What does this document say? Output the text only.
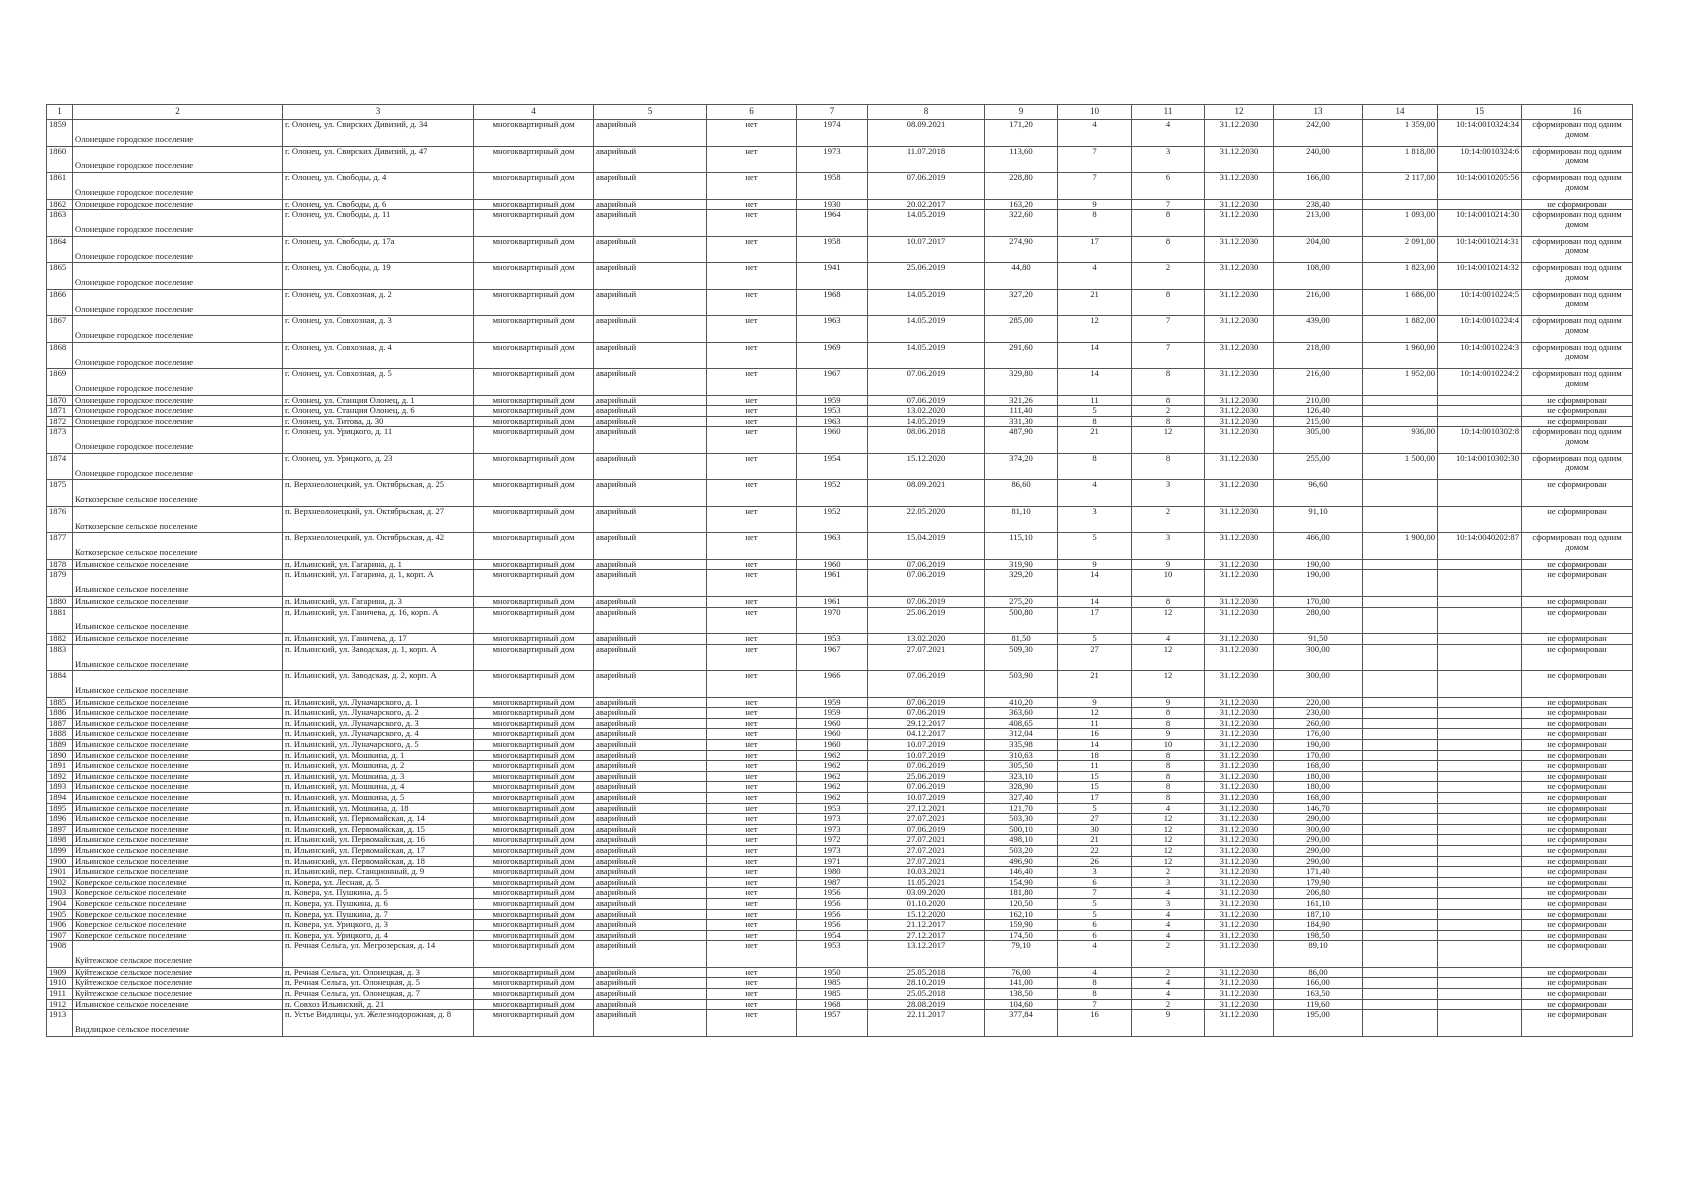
1	2	3	4	5	6	7	8	9	10	11	12	13	14	15	16
1859	Олонецкое городское поселение	г. Олонец, ул. Свирских Дивизий, д. 34	многоквартирный дом	аварийный	нет	1974	08.09.2021	171,20	4	4	31.12.2030	242,00	1 359,00	10:14:0010324:34	сформирован под одним домом
1860	Олонецкое городское поселение	г. Олонец, ул. Свирских Дивизий, д. 47	многоквартирный дом	аварийный	нет	1973	11.07.2018	113,60	7	3	31.12.2030	240,00	1 818,00	10:14:0010324:6	сформирован под одним домом
1861	Олонецкое городское поселение	г. Олонец, ул. Свободы, д. 4	многоквартирный дом	аварийный	нет	1958	07.06.2019	228,80	7	6	31.12.2030	166,00	2 117,00	10:14:0010205:56	сформирован под одним домом
1862	Олонецкое городское поселение	г. Олонец, ул. Свободы, д. 6	многоквартирный дом	аварийный	нет	1930	20.02.2017	163,20	9	7	31.12.2030	238,40			не сформирован
1863	Олонецкое городское поселение	г. Олонец, ул. Свободы, д. 11	многоквартирный дом	аварийный	нет	1964	14.05.2019	322,60	8	8	31.12.2030	213,00	1 093,00	10:14:0010214:30	сформирован под одним домом
1864	Олонецкое городское поселение	г. Олонец, ул. Свободы, д. 17а	многоквартирный дом	аварийный	нет	1958	10.07.2017	274,90	17	8	31.12.2030	204,00	2 091,00	10:14:0010214:31	сформирован под одним домом
1865	Олонецкое городское поселение	г. Олонец, ул. Свободы, д. 19	многоквартирный дом	аварийный	нет	1941	25.06.2019	44,80	4	2	31.12.2030	108,00	1 823,00	10:14:0010214:32	сформирован под одним домом
1866	Олонецкое городское поселение	г. Олонец, ул. Совхозная, д. 2	многоквартирный дом	аварийный	нет	1968	14.05.2019	327,20	21	8	31.12.2030	216,00	1 686,00	10:14:0010224:5	сформирован под одним домом
1867	Олонецкое городское поселение	г. Олонец, ул. Совхозная, д. 3	многоквартирный дом	аварийный	нет	1963	14.05.2019	285,00	12	7	31.12.2030	439,00	1 882,00	10:14:0010224:4	сформирован под одним домом
1868	Олонецкое городское поселение	г. Олонец, ул. Совхозная, д. 4	многоквартирный дом	аварийный	нет	1969	14.05.2019	291,60	14	7	31.12.2030	218,00	1 960,00	10:14:0010224:3	сформирован под одним домом
1869	Олонецкое городское поселение	г. Олонец, ул. Совхозная, д. 5	многоквартирный дом	аварийный	нет	1967	07.06.2019	329,80	14	8	31.12.2030	216,00	1 952,00	10:14:0010224:2	сформирован под одним домом
1870	Олонецкое городское поселение	г. Олонец, ул. Станция Олонец, д. 1	многоквартирный дом	аварийный	нет	1959	07.06.2019	321,26	11	8	31.12.2030	210,00			не сформирован
1871	Олонецкое городское поселение	г. Олонец, ул. Станция Олонец, д. 6	многоквартирный дом	аварийный	нет	1953	13.02.2020	111,40	5	2	31.12.2030	126,40			не сформирован
1872	Олонецкое городское поселение	г. Олонец, ул. Титова, д. 30	многоквартирный дом	аварийный	нет	1963	14.05.2019	331,30	8	8	31.12.2030	215,00			не сформирован
1873	Олонецкое городское поселение	г. Олонец, ул. Урицкого, д. 11	многоквартирный дом	аварийный	нет	1960	08.06.2018	487,90	21	12	31.12.2030	305,00	936,00	10:14:0010302:8	сформирован под одним домом
1874	Олонецкое городское поселение	г. Олонец, ул. Урицкого, д. 23	многоквартирный дом	аварийный	нет	1954	15.12.2020	374,20	8	8	31.12.2030	255,00	1 500,00	10:14:0010302:30	сформирован под одним домом
1875	Коткозерское сельское поселение	п. Верхнеолонецкий, ул. Октябрьская, д. 25	многоквартирный дом	аварийный	нет	1952	08.09.2021	86,60	4	3	31.12.2030	96,60			не сформирован
1876	Коткозерское сельское поселение	п. Верхнеолонецкий, ул. Октябрьская, д. 27	многоквартирный дом	аварийный	нет	1952	22.05.2020	81,10	3	2	31.12.2030	91,10			не сформирован
1877	Коткозерское сельское поселение	п. Верхнеолонецкий, ул. Октябрьская, д. 42	многоквартирный дом	аварийный	нет	1963	15.04.2019	115,10	5	3	31.12.2030	466,00	1 900,00	10:14:0040202:87	сформирован под одним домом
1878	Ильинское сельское поселение	п. Ильинский, ул. Гагарина, д. 1	многоквартирный дом	аварийный	нет	1960	07.06.2019	319,90	9	9	31.12.2030	190,00			не сформирован
1879	Ильинское сельское поселение	п. Ильинский, ул. Гагарина, д. 1, корп. А	многоквартирный дом	аварийный	нет	1961	07.06.2019	329,20	14	10	31.12.2030	190,00			не сформирован
1880	Ильинское сельское поселение	п. Ильинский, ул. Гагарина, д. 3	многоквартирный дом	аварийный	нет	1961	07.06.2019	275,20	14	8	31.12.2030	170,00			не сформирован
1881	Ильинское сельское поселение	п. Ильинский, ул. Ганичева, д. 16, корп. А	многоквартирный дом	аварийный	нет	1970	25.06.2019	500,80	17	12	31.12.2030	280,00			не сформирован
1882	Ильинское сельское поселение	п. Ильинский, ул. Ганичева, д. 17	многоквартирный дом	аварийный	нет	1953	13.02.2020	81,50	5	4	31.12.2030	91,50			не сформирован
1883	Ильинское сельское поселение	п. Ильинский, ул. Заводская, д. 1, корп. А	многоквартирный дом	аварийный	нет	1967	27.07.2021	509,30	27	12	31.12.2030	300,00			не сформирован
1884	Ильинское сельское поселение	п. Ильинский, ул. Заводская, д. 2, корп. А	многоквартирный дом	аварийный	нет	1966	07.06.2019	503,90	21	12	31.12.2030	300,00			не сформирован
1885	Ильинское сельское поселение	п. Ильинский, ул. Луначарского, д. 1	многоквартирный дом	аварийный	нет	1959	07.06.2019	410,20	9	9	31.12.2030	220,00			не сформирован
1886	Ильинское сельское поселение	п. Ильинский, ул. Луначарского, д. 2	многоквартирный дом	аварийный	нет	1959	07.06.2019	363,60	12	8	31.12.2030	230,00			не сформирован
1887	Ильинское сельское поселение	п. Ильинский, ул. Луначарского, д. 3	многоквартирный дом	аварийный	нет	1960	29.12.2017	408,65	11	8	31.12.2030	260,00			не сформирован
1888	Ильинское сельское поселение	п. Ильинский, ул. Луначарского, д. 4	многоквартирный дом	аварийный	нет	1960	04.12.2017	312,04	16	9	31.12.2030	176,00			не сформирован
1889	Ильинское сельское поселение	п. Ильинский, ул. Луначарского, д. 5	многоквартирный дом	аварийный	нет	1960	10.07.2019	335,98	14	10	31.12.2030	190,00			не сформирован
1890	Ильинское сельское поселение	п. Ильинский, ул. Мошкина, д. 1	многоквартирный дом	аварийный	нет	1962	10.07.2019	310,63	18	8	31.12.2030	170,00			не сформирован
1891	Ильинское сельское поселение	п. Ильинский, ул. Мошкина, д. 2	многоквартирный дом	аварийный	нет	1962	07.06.2019	305,50	11	8	31.12.2030	168,00			не сформирован
1892	Ильинское сельское поселение	п. Ильинский, ул. Мошкина, д. 3	многоквартирный дом	аварийный	нет	1962	25.06.2019	323,10	15	8	31.12.2030	180,00			не сформирован
1893	Ильинское сельское поселение	п. Ильинский, ул. Мошкина, д. 4	многоквартирный дом	аварийный	нет	1962	07.06.2019	328,90	15	8	31.12.2030	180,00			не сформирован
1894	Ильинское сельское поселение	п. Ильинский, ул. Мошкина, д. 5	многоквартирный дом	аварийный	нет	1962	10.07.2019	327,40	17	8	31.12.2030	168,00			не сформирован
1895	Ильинское сельское поселение	п. Ильинский, ул. Мошкина, д. 18	многоквартирный дом	аварийный	нет	1953	27.12.2021	121,70	5	4	31.12.2030	146,70			не сформирован
1896	Ильинское сельское поселение	п. Ильинский, ул. Первомайская, д. 14	многоквартирный дом	аварийный	нет	1973	27.07.2021	503,30	27	12	31.12.2030	290,00			не сформирован
1897	Ильинское сельское поселение	п. Ильинский, ул. Первомайская, д. 15	многоквартирный дом	аварийный	нет	1973	07.06.2019	500,10	30	12	31.12.2030	300,00			не сформирован
1898	Ильинское сельское поселение	п. Ильинский, ул. Первомайская, д. 16	многоквартирный дом	аварийный	нет	1972	27.07.2021	498,10	21	12	31.12.2030	290,00			не сформирован
1899	Ильинское сельское поселение	п. Ильинский, ул. Первомайская, д. 17	многоквартирный дом	аварийный	нет	1973	27.07.2021	503,20	22	12	31.12.2030	290,00			не сформирован
1900	Ильинское сельское поселение	п. Ильинский, ул. Первомайская, д. 18	многоквартирный дом	аварийный	нет	1971	27.07.2021	496,90	26	12	31.12.2030	290,00			не сформирован
1901	Ильинское сельское поселение	п. Ильинский, пер. Станционный, д. 9	многоквартирный дом	аварийный	нет	1980	10.03.2021	146,40	3	2	31.12.2030	171,40			не сформирован
1902	Коверское сельское поселение	п. Ковера, ул. Лесная, д. 5	многоквартирный дом	аварийный	нет	1987	11.05.2021	154,90	6	3	31.12.2030	179,90			не сформирован
1903	Коверское сельское поселение	п. Ковера, ул. Пушкина, д. 5	многоквартирный дом	аварийный	нет	1956	03.09.2020	181,80	7	4	31.12.2030	206,80			не сформирован
1904	Коверское сельское поселение	п. Ковера, ул. Пушкина, д. 6	многоквартирный дом	аварийный	нет	1956	01.10.2020	120,50	5	3	31.12.2030	161,10			не сформирован
1905	Коверское сельское поселение	п. Ковера, ул. Пушкина, д. 7	многоквартирный дом	аварийный	нет	1956	15.12.2020	162,10	5	4	31.12.2030	187,10			не сформирован
1906	Коверское сельское поселение	п. Ковера, ул. Урицкого, д. 3	многоквартирный дом	аварийный	нет	1956	21.12.2017	159,90	6	4	31.12.2030	184,90			не сформирован
1907	Коверское сельское поселение	п. Ковера, ул. Урицкого, д. 4	многоквартирный дом	аварийный	нет	1954	27.12.2017	174,50	6	4	31.12.2030	198,50			не сформирован
1908	Куйтежское сельское поселение	п. Речная Сельга, ул. Мегрозерская, д. 14	многоквартирный дом	аварийный	нет	1953	13.12.2017	79,10	4	2	31.12.2030	89,10			не сформирован
1909	Куйтежское сельское поселение	п. Речная Сельга, ул. Олонецкая, д. 3	многоквартирный дом	аварийный	нет	1950	25.05.2018	76,00	4	2	31.12.2030	86,00			не сформирован
1910	Куйтежское сельское поселение	п. Речная Сельга, ул. Олонецкая, д. 5	многоквартирный дом	аварийный	нет	1985	28.10.2019	141,00	8	4	31.12.2030	166,00			не сформирован
1911	Куйтежское сельское поселение	п. Речная Сельга, ул. Олонецкая, д. 7	многоквартирный дом	аварийный	нет	1985	25.05.2018	138,50	8	4	31.12.2030	163,50			не сформирован
1912	Ильинское сельское поселение	п. Совхоз Ильинский, д. 21	многоквартирный дом	аварийный	нет	1968	28.08.2019	104,60	7	2	31.12.2030	119,60			не сформирован
1913	Видлицкое сельское поселение	п. Устье Видлицы, ул. Железнодорожная, д. 8	многоквартирный дом	аварийный	нет	1957	22.11.2017	377,84	16	9	31.12.2030	195,00			не сформирован
